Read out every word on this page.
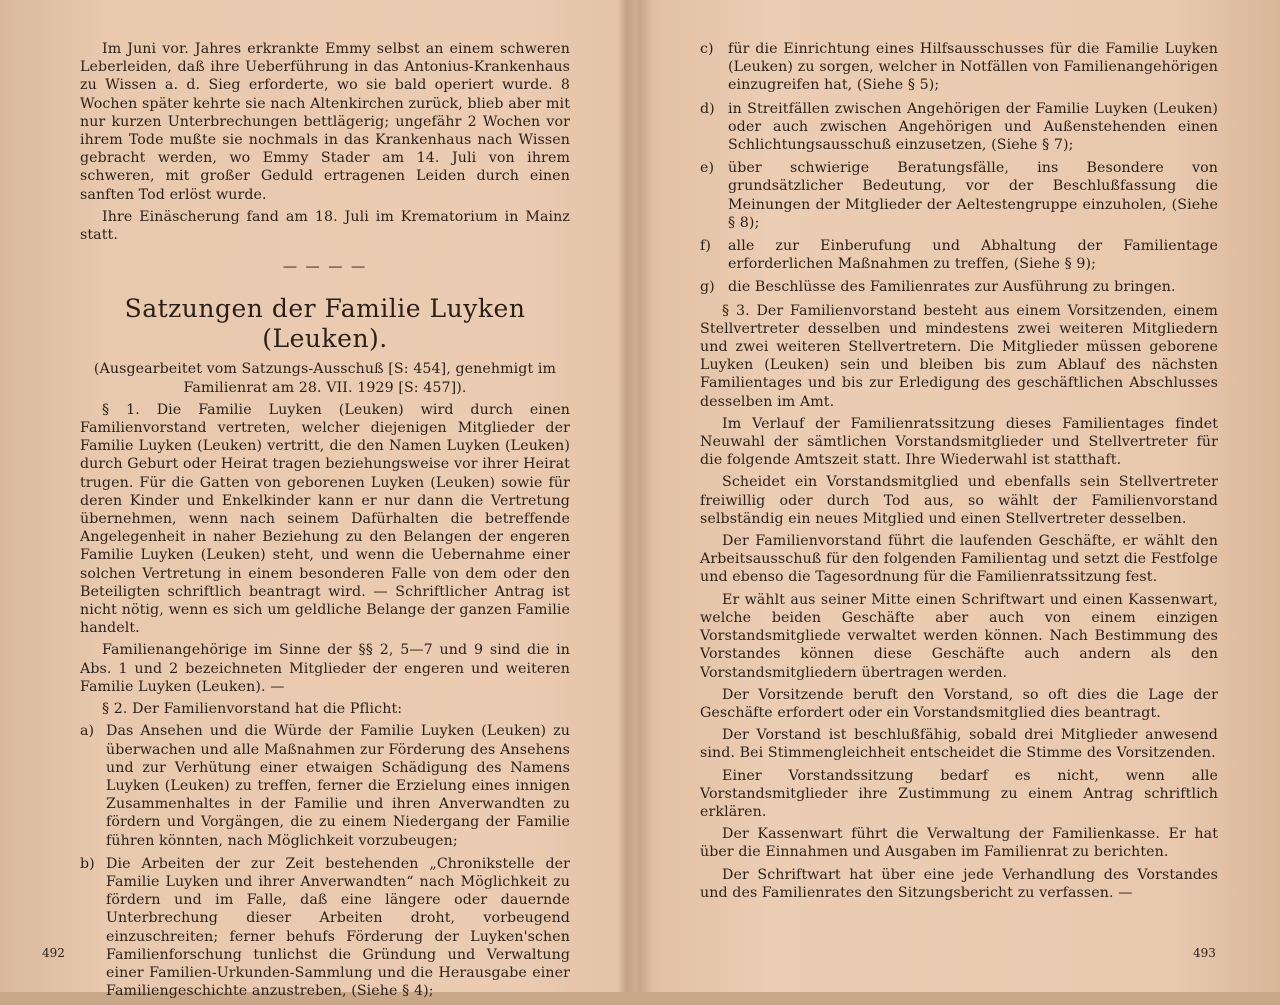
Im Juni vor. Jahres erkrankte Emmy selbst an einem schweren Leberleiden, daß ihre Ueberführung in das Antonius-Krankenhaus zu Wissen a. d. Sieg erforderte, wo sie bald operiert wurde. 8 Wochen später kehrte sie nach Altenkirchen zurück, blieb aber mit nur kurzen Unterbrechungen bettlägerig; ungefähr 2 Wochen vor ihrem Tode mußte sie nochmals in das Krankenhaus nach Wissen gebracht werden, wo Emmy Stader am 14. Juli von ihrem schweren, mit großer Geduld ertragenen Leiden durch einen sanften Tod erlöst wurde.

Ihre Einäscherung fand am 18. Juli im Krematorium in Mainz statt.

— — — —
Satzungen der Familie Luyken (Leuken).

(Ausgearbeitet vom Satzungs-Ausschuß [S: 454], genehmigt im Familienrat am 28. VII. 1929 [S: 457]).

§ 1. Die Familie Luyken (Leuken) wird durch einen Familienvorstand vertreten, welcher diejenigen Mitglieder der Familie Luyken (Leuken) vertritt, die den Namen Luyken (Leuken) durch Geburt oder Heirat tragen beziehungsweise vor ihrer Heirat trugen. Für die Gatten von geborenen Luyken (Leuken) sowie für deren Kinder und Enkelkinder kann er nur dann die Vertretung übernehmen, wenn nach seinem Dafürhalten die betreffende Angelegenheit in naher Beziehung zu den Belangen der engeren Familie Luyken (Leuken) steht, und wenn die Uebernahme einer solchen Vertretung in einem besonderen Falle von dem oder den Beteiligten schriftlich beantragt wird. — Schriftlicher Antrag ist nicht nötig, wenn es sich um geldliche Belange der ganzen Familie handelt.

Familienangehörige im Sinne der §§ 2, 5—7 und 9 sind die in Abs. 1 und 2 bezeichneten Mitglieder der engeren und weiteren Familie Luyken (Leuken). —

§ 2. Der Familienvorstand hat die Pflicht:

a) Das Ansehen und die Würde der Familie Luyken (Leuken) zu überwachen und alle Maßnahmen zur Förderung des Ansehens und zur Verhütung einer etwaigen Schädigung des Namens Luyken (Leuken) zu treffen, ferner die Erzielung eines innigen Zusammenhaltes in der Familie und ihren Anverwandten zu fördern und Vorgängen, die zu einem Niedergang der Familie führen könnten, nach Möglichkeit vorzubeugen;
b) Die Arbeiten der zur Zeit bestehenden „Chronikstelle der Familie Luyken und ihrer Anverwandten“ nach Möglichkeit zu fördern und im Falle, daß eine längere oder dauernde Unterbrechung dieser Arbeiten droht, vorbeugend einzuschreiten; ferner behufs Förderung der Luyken'schen Familienforschung tunlichst die Gründung und Verwaltung einer Familien-Urkunden-Sammlung und die Herausgabe einer Familiengeschichte anzustreben, (Siehe § 4);
c)	für die Einrichtung eines Hilfsausschusses für die Familie Luyken (Leuken) zu sorgen, welcher in Notfällen von Familienangehörigen einzugreifen hat, (Siehe § 5);
d) in Streitfällen zwischen Angehörigen der Familie Luyken (Leuken) oder auch zwischen Angehörigen und Außenstehenden einen Schlichtungsausschuß einzusetzen, (Siehe § 7);
e) über schwierige Beratungsfälle, ins Besondere von grundsätzlicher Bedeutung, vor der Beschlußfassung die Meinungen der Mitglieder der Aeltestengruppe einzuholen, (Siehe § 8);
f)	alle zur Einberufung und Abhaltung der Familientage erforderlichen Maßnahmen zu treffen, (Siehe § 9);
g) die Beschlüsse des Familienrates zur Ausführung zu bringen.

§ 3. Der Familienvorstand besteht aus einem Vorsitzenden, einem Stellvertreter desselben und mindestens zwei weiteren Mitgliedern und zwei weiteren Stellvertretern. Die Mitglieder müssen geborene Luyken (Leuken) sein und bleiben bis zum Ablauf des nächsten Familientages und bis zur Erledigung des geschäftlichen Abschlusses desselben im Amt.

Im Verlauf der Familienratssitzung dieses Familientages findet Neuwahl der sämtlichen Vorstandsmitglieder und Stellvertreter für die folgende Amtszeit statt. Ihre Wiederwahl ist statthaft.

Scheidet ein Vorstandsmitglied und ebenfalls sein Stellvertreter freiwillig oder durch Tod aus, so wählt der Familienvorstand selbständig ein neues Mitglied und einen Stellvertreter desselben.

Der Familienvorstand führt die laufenden Geschäfte, er wählt den Arbeitsausschuß für den folgenden Familientag und setzt die Festfolge und ebenso die Tagesordnung für die Familienratssitzung fest.

Er wählt aus seiner Mitte einen Schriftwart und einen Kassenwart, welche beiden Geschäfte aber auch von einem einzigen Vorstandsmitgliede verwaltet werden können. Nach Bestimmung des Vorstandes können diese Geschäfte auch andern als den Vorstandsmitgliedern übertragen werden.

Der Vorsitzende beruft den Vorstand, so oft dies die Lage der Geschäfte erfordert oder ein Vorstandsmitglied dies beantragt.

Der Vorstand ist beschlußfähig, sobald drei Mitglieder anwesend sind. Bei Stimmengleichheit entscheidet die Stimme des Vorsitzenden.

Einer Vorstandssitzung bedarf es nicht, wenn alle Vorstandsmitglieder ihre Zustimmung zu einem Antrag schriftlich erklären.

Der Kassenwart führt die Verwaltung der Familienkasse. Er hat über die Einnahmen und Ausgaben im Familienrat zu berichten.

Der Schriftwart hat über eine jede Verhandlung des Vorstandes und des Familienrates den Sitzungsbericht zu verfassen. —

492	493
